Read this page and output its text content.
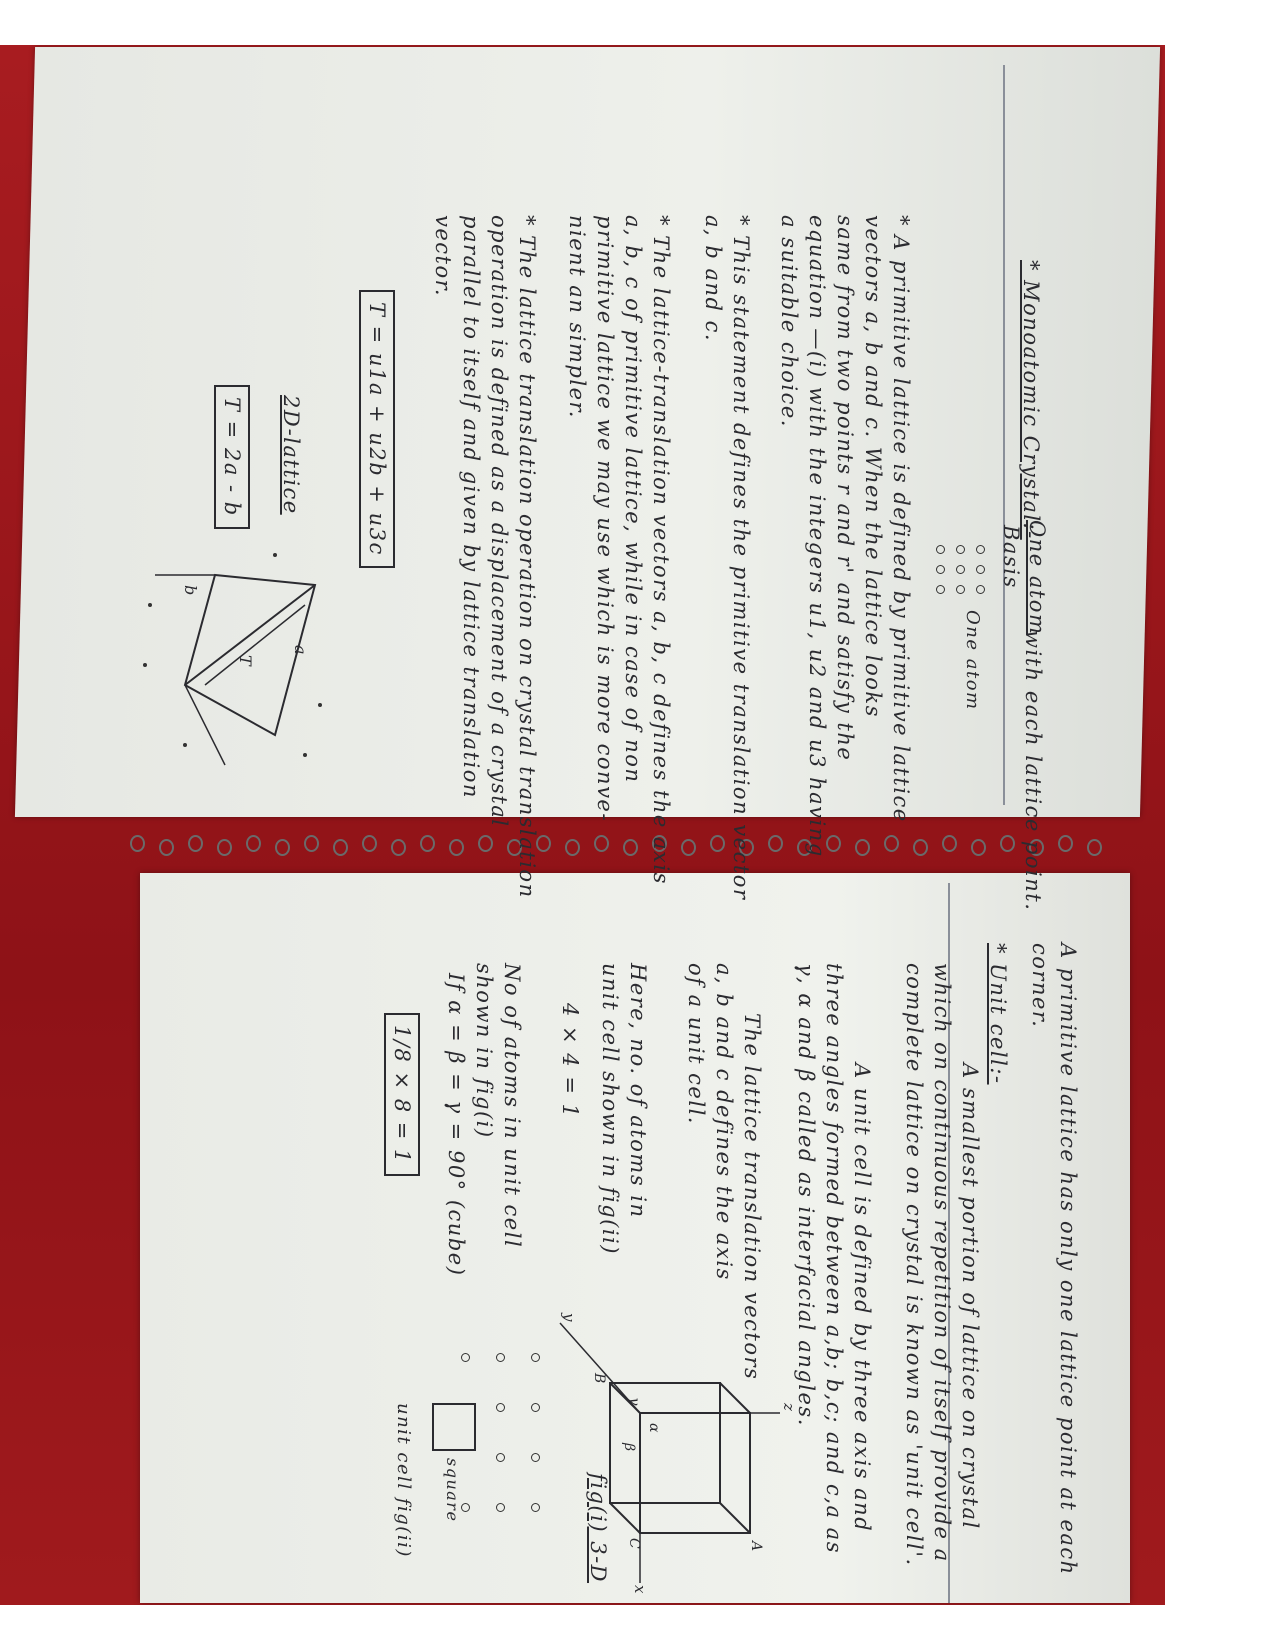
* Monoatomic Crystal:-
One atom
Basis
with each lattice point.
One atom
* A primitive lattice is defined by primitive lattice
vectors a, b and c. When the lattice looks
same from two points r and r' and satisfy the
equation —(i) with the integers u1, u2 and u3 having
a suitable choice.
* This statement defines the primitive translation vector
a, b and c.
* The lattice-translation vectors a, b, c defines the axis
a, b, c of primitive lattice, while in case of non
primitive lattice we may use which is more conve-
nient an simpler.
* The lattice translation operation on crystal translation
operation is defined as a displacement of a crystal
parallel to itself and given by lattice translation
vector.
T = u1a + u2b + u3c
2D-lattice
T = 2a - b
a
b
T
A primitive lattice has only one lattice point at each
corner.
* Unit cell:-
A smallest portion of lattice on crystal
which on continuous repetition of itself provide a
complete lattice on crystal is known as 'unit cell'.
A unit cell is defined by three axis and
three angles formed between a,b; b,c; and c,a as
γ, α and β called as interfacial angles.
The lattice translation vectors
a, b and c defines the axis
of a unit cell.
z
x
y
A
B
C
α
β
γ
fig(i) 3-D
Here, no. of atoms in
unit cell shown in fig(ii)
4 × 4 = 1
No of atoms in unit cell
shown in fig(i)
If α = β = γ = 90° (cube)
1/8 × 8 = 1
square
unit cell fig(ii)
